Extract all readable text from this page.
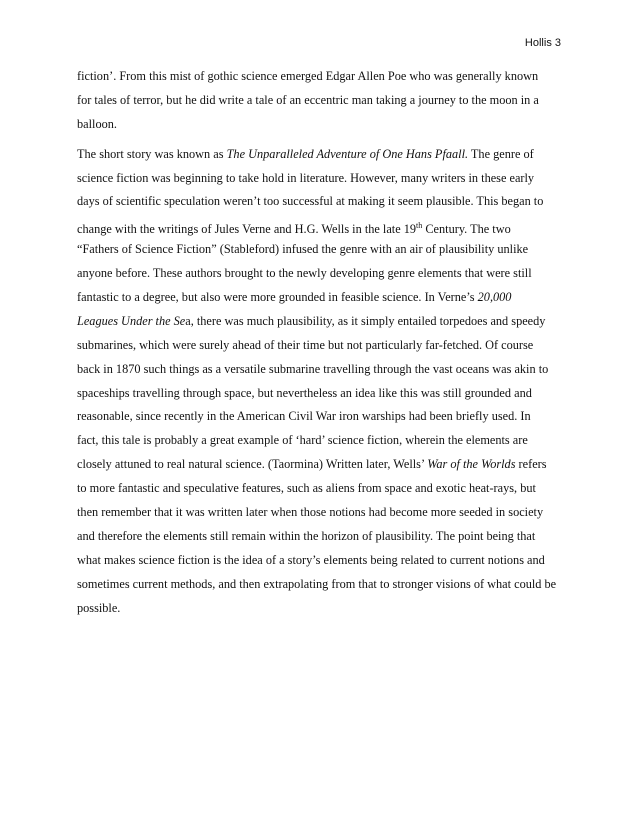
Hollis 3
fiction’. From this mist of gothic science emerged Edgar Allen Poe who was generally known
for tales of terror, but he did write a tale of an eccentric man taking a journey to the moon in a
balloon.
The short story was known as The Unparalleled Adventure of One Hans Pfaall. The genre of
science fiction was beginning to take hold in literature. However, many writers in these early
days of scientific speculation weren’t too successful at making it seem plausible. This began to
change with the writings of Jules Verne and H.G. Wells in the late 19th Century. The two
“Fathers of Science Fiction” (Stableford) infused the genre with an air of plausibility unlike
anyone before. These authors brought to the newly developing genre elements that were still
fantastic to a degree, but also were more grounded in feasible science. In Verne’s 20,000
Leagues Under the Sea, there was much plausibility, as it simply entailed torpedoes and speedy
submarines, which were surely ahead of their time but not particularly far-fetched. Of course
back in 1870 such things as a versatile submarine travelling through the vast oceans was akin to
spaceships travelling through space, but nevertheless an idea like this was still grounded and
reasonable, since recently in the American Civil War iron warships had been briefly used. In
fact, this tale is probably a great example of ‘hard’ science fiction, wherein the elements are
closely attuned to real natural science. (Taormina) Written later, Wells’ War of the Worlds refers
to more fantastic and speculative features, such as aliens from space and exotic heat-rays, but
then remember that it was written later when those notions had become more seeded in society
and therefore the elements still remain within the horizon of plausibility. The point being that
what makes science fiction is the idea of a story’s elements being related to current notions and
sometimes current methods, and then extrapolating from that to stronger visions of what could be
possible.
